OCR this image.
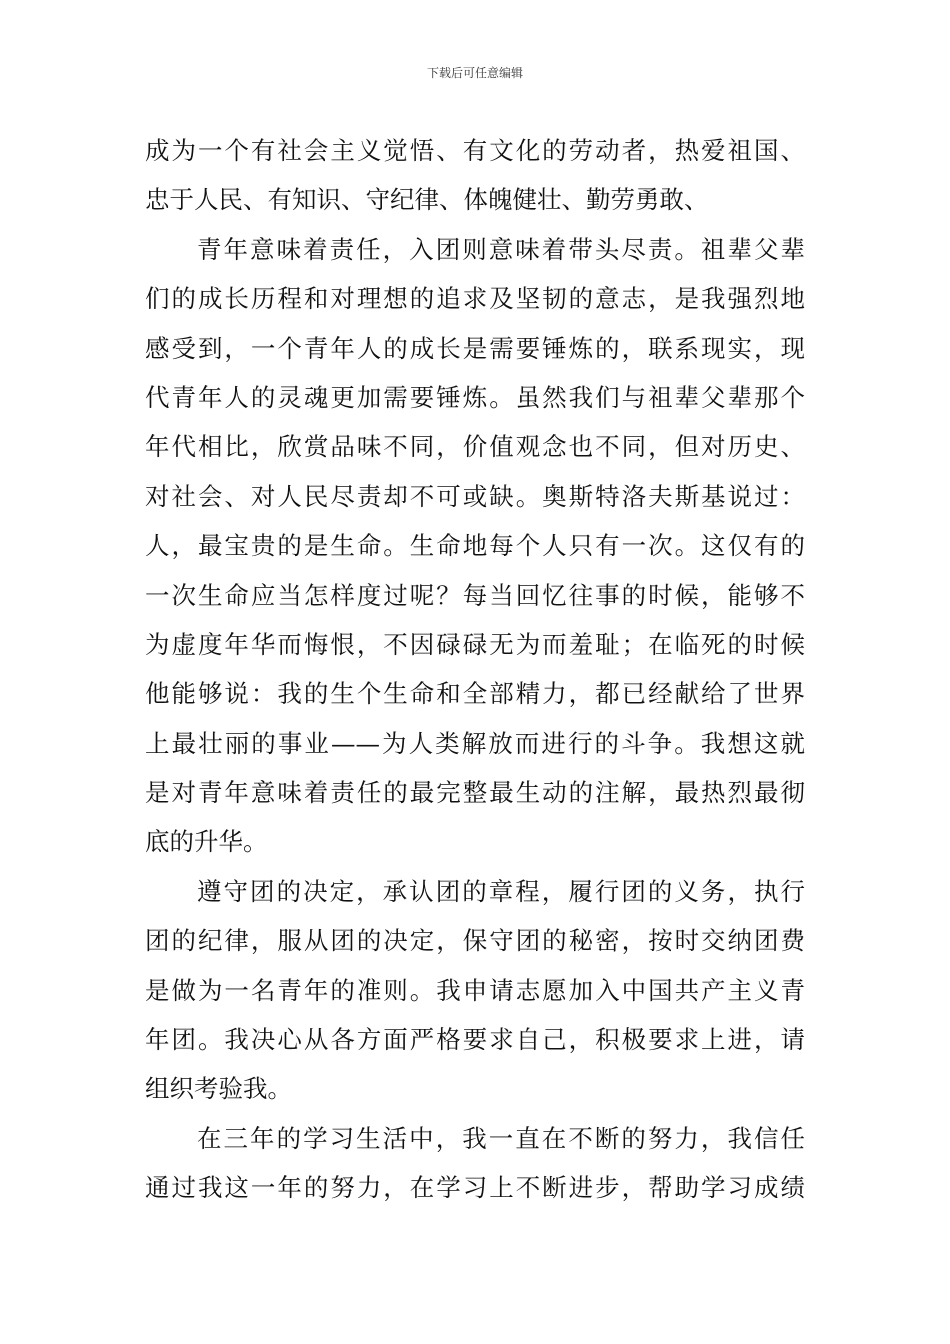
下载后可任意编辑
成为一个有社会主义觉悟、有文化的劳动者，热爱祖国、
忠于人民、有知识、守纪律、体魄健壮、勤劳勇敢、
青年意味着责任，入团则意味着带头尽责。祖辈父辈
们的成长历程和对理想的追求及坚韧的意志，是我强烈地
感受到，一个青年人的成长是需要锤炼的，联系现实，现
代青年人的灵魂更加需要锤炼。虽然我们与祖辈父辈那个
年代相比，欣赏品味不同，价值观念也不同，但对历史、
对社会、对人民尽责却不可或缺。奥斯特洛夫斯基说过：
人，最宝贵的是生命。生命地每个人只有一次。这仅有的
一次生命应当怎样度过呢？每当回忆往事的时候，能够不
为虚度年华而悔恨，不因碌碌无为而羞耻；在临死的时候
他能够说：我的生个生命和全部精力，都已经献给了世界
上最壮丽的事业——为人类解放而进行的斗争。我想这就
是对青年意味着责任的最完整最生动的注解，最热烈最彻
底的升华。
遵守团的决定，承认团的章程，履行团的义务，执行
团的纪律，服从团的决定，保守团的秘密，按时交纳团费
是做为一名青年的准则。我申请志愿加入中国共产主义青
年团。我决心从各方面严格要求自己，积极要求上进，请
组织考验我。
在三年的学习生活中，我一直在不断的努力，我信任
通过我这一年的努力，在学习上不断进步，帮助学习成绩
